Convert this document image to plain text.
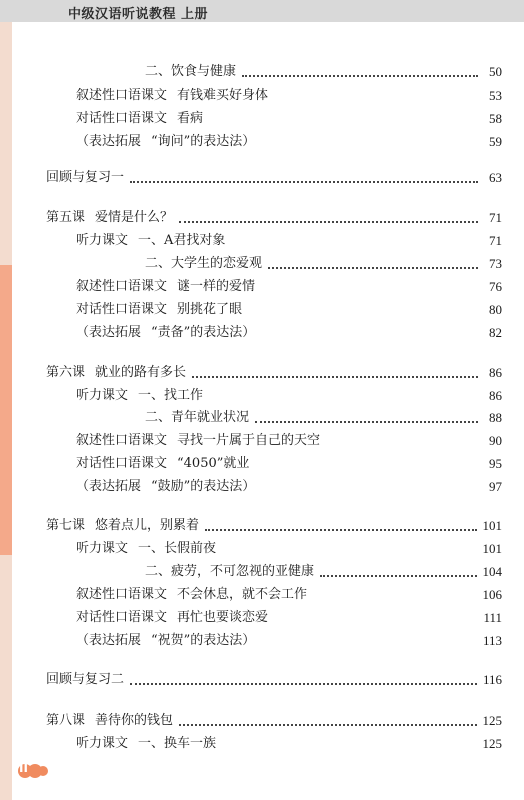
中级汉语听说教程 上册
II
二、饮食与健康	50
叙述性口语课文 有钱难买好身体	53
对话性口语课文 看病	58
（表达拓展 “询问”的表达法）	59
回顾与复习一	63
第五课 爱情是什么？	71
听力课文 一、A君找对象	71
二、大学生的恋爱观	73
叙述性口语课文 谜一样的爱情	76
对话性口语课文 别挑花了眼	80
（表达拓展 “责备”的表达法）	82
第六课 就业的路有多长	86
听力课文 一、找工作	86
二、青年就业状况	88
叙述性口语课文 寻找一片属于自己的天空	90
对话性口语课文 “4050”就业	95
（表达拓展 “鼓励”的表达法）	97
第七课 悠着点儿，别累着	101
听力课文 一、长假前夜	101
二、疲劳，不可忽视的亚健康	104
叙述性口语课文 不会休息，就不会工作	106
对话性口语课文 再忙也要谈恋爱	111
（表达拓展 “祝贺”的表达法）	113
回顾与复习二	116
第八课 善待你的钱包	125
听力课文 一、换车一族	125
